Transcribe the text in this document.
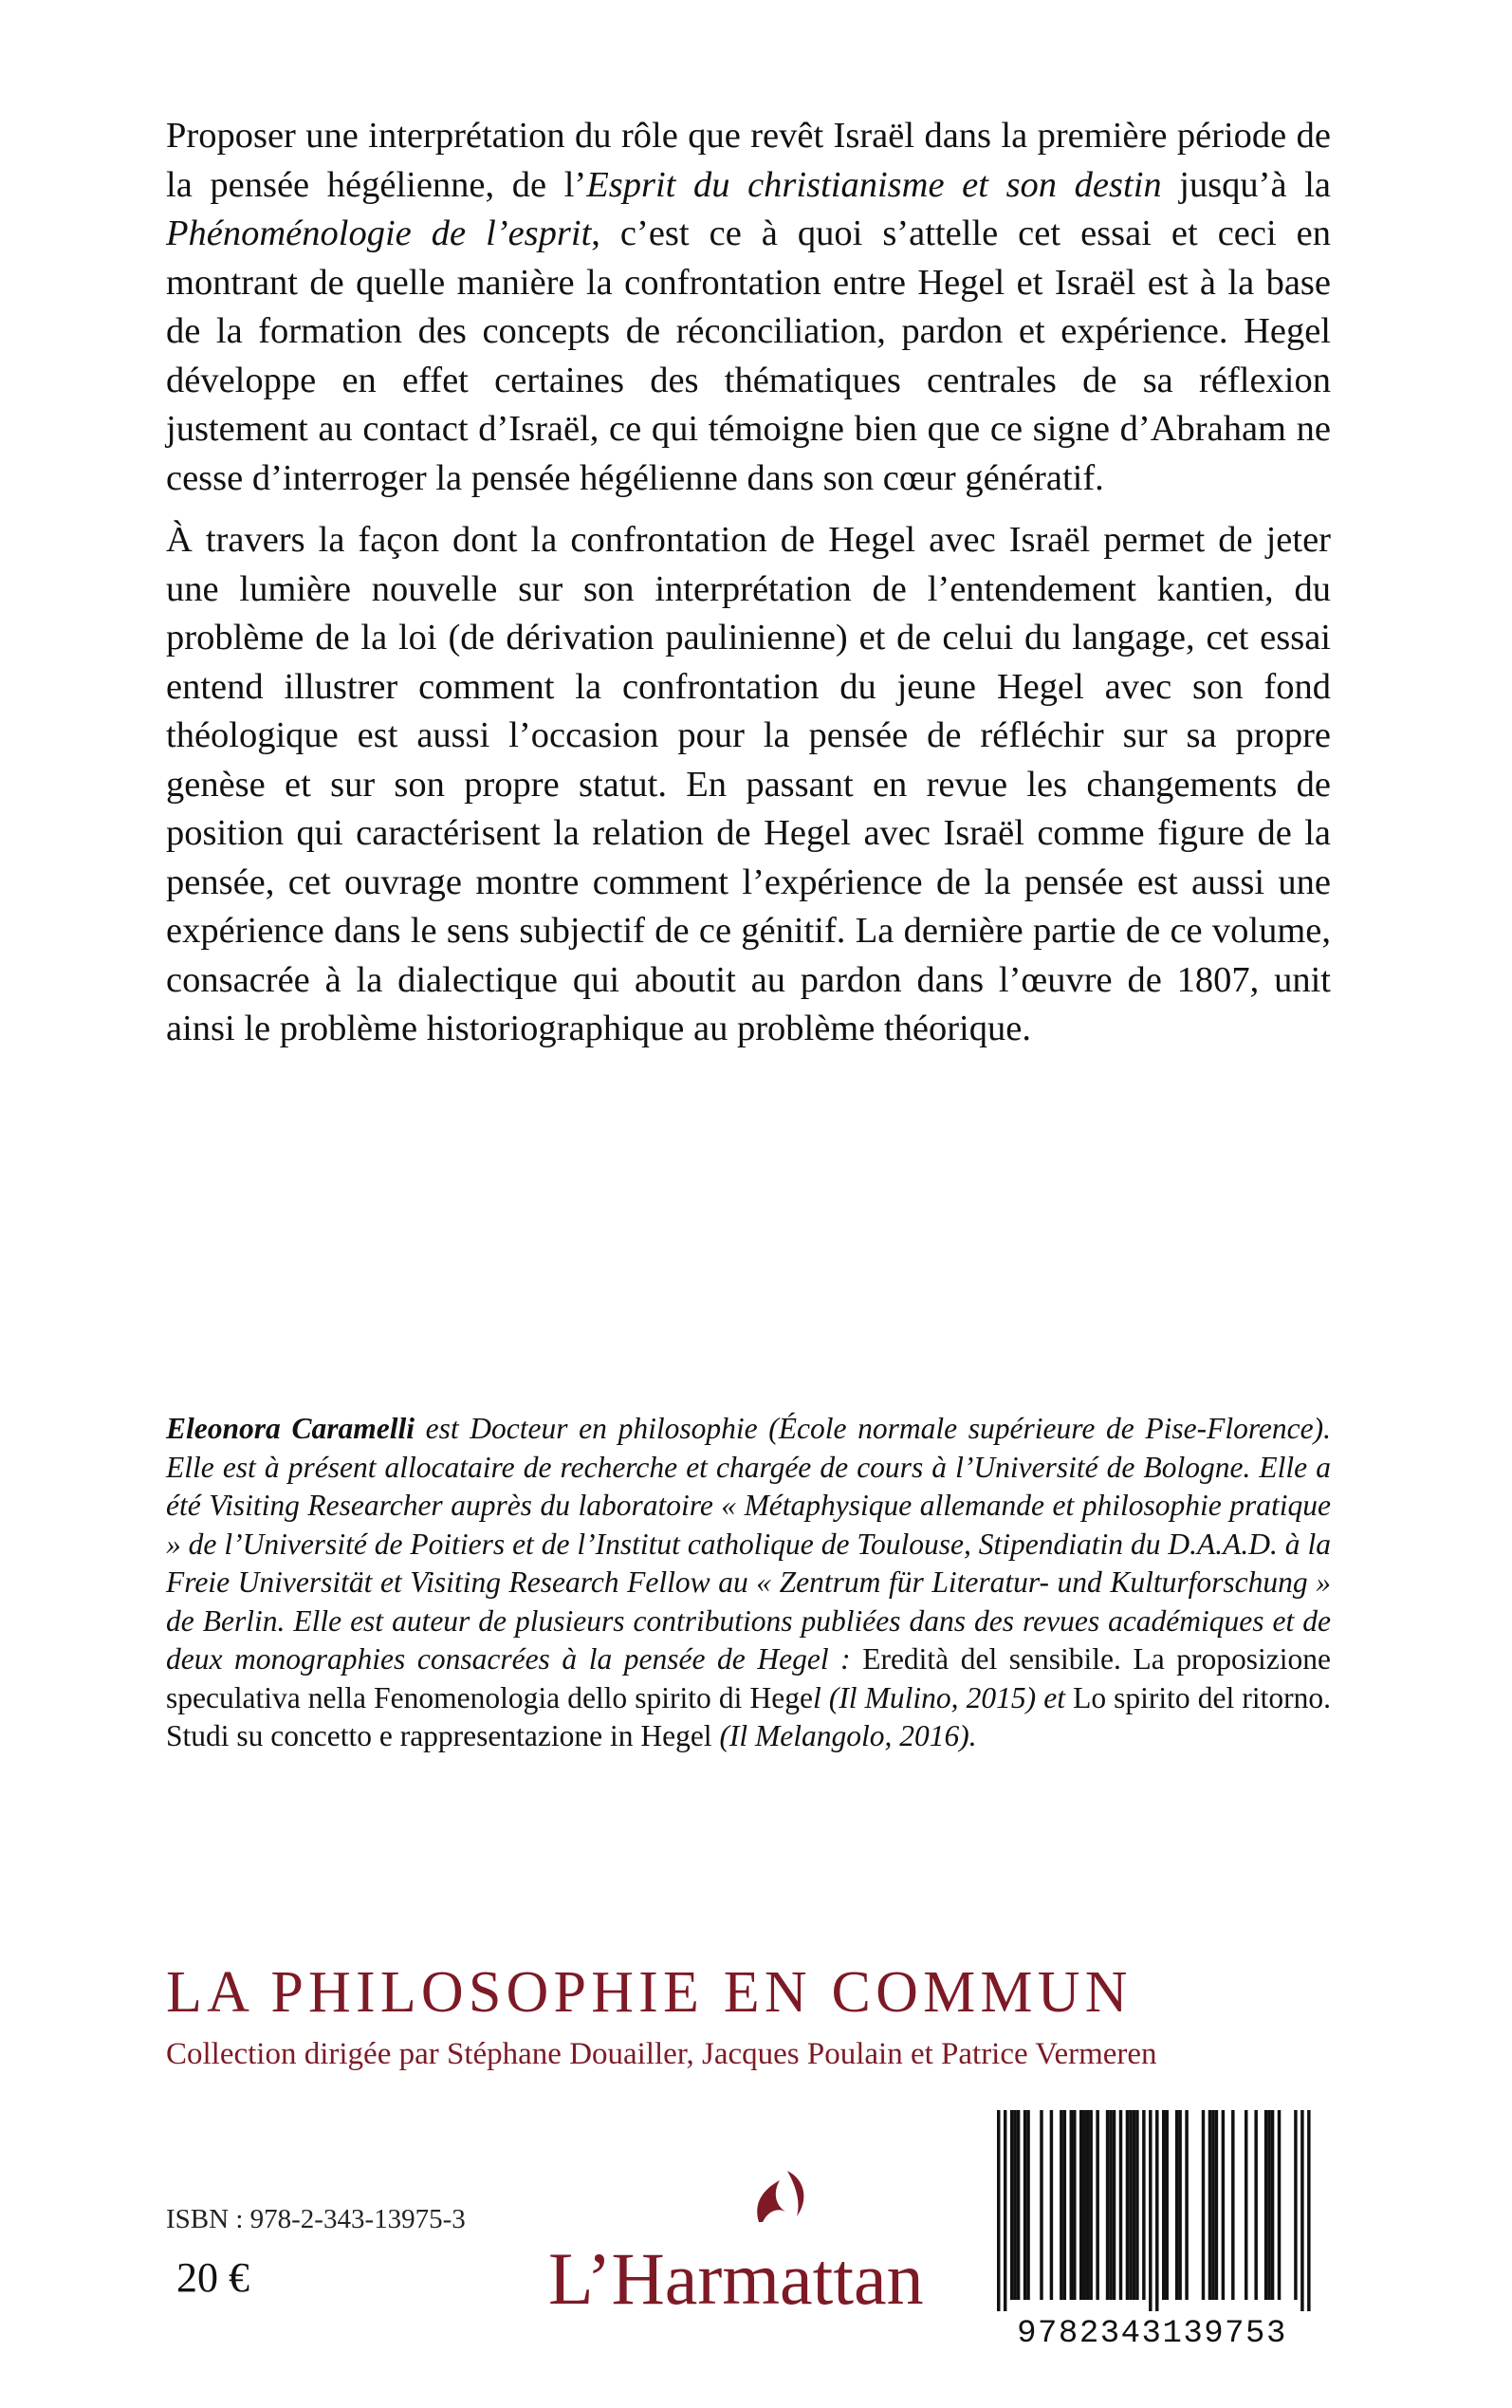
Proposer une interprétation du rôle que revêt Israël dans la première période de la pensée hégélienne, de l’Esprit du christianisme et son destin jusqu’à la Phénoménologie de l’esprit, c’est ce à quoi s’attelle cet essai et ceci en montrant de quelle manière la confrontation entre Hegel et Israël est à la base de la formation des concepts de réconciliation, pardon et expérience. Hegel développe en effet certaines des thématiques centrales de sa réflexion justement au contact d’Israël, ce qui témoigne bien que ce signe d’Abraham ne cesse d’interroger la pensée hégélienne dans son cœur génératif.

À travers la façon dont la confrontation de Hegel avec Israël permet de jeter une lumière nouvelle sur son interprétation de l’entendement kantien, du problème de la loi (de dérivation paulinienne) et de celui du langage, cet essai entend illustrer comment la confrontation du jeune Hegel avec son fond théologique est aussi l’occasion pour la pensée de réfléchir sur sa propre genèse et sur son propre statut. En passant en revue les changements de position qui caractérisent la relation de Hegel avec Israël comme figure de la pensée, cet ouvrage montre comment l’expérience de la pensée est aussi une expérience dans le sens subjectif de ce génitif. La dernière partie de ce volume, consacrée à la dialectique qui aboutit au pardon dans l’œuvre de 1807, unit ainsi le problème historiographique au problème théorique.

Eleonora Caramelli est Docteur en philosophie (École normale supérieure de Pise-Florence). Elle est à présent allocataire de recherche et chargée de cours à l’Université de Bologne. Elle a été Visiting Researcher auprès du laboratoire « Métaphysique allemande et philosophie pratique » de l’Université de Poitiers et de l’Institut catholique de Toulouse, Stipendiatin du D.A.A.D. à la Freie Universität et Visiting Research Fellow au « Zentrum für Literatur- und Kulturforschung » de Berlin. Elle est auteur de plusieurs contributions publiées dans des revues académiques et de deux monographies consacrées à la pensée de Hegel : Eredità del sensibile. La proposizione speculativa nella Fenomenologia dello spirito di Hegel (Il Mulino, 2015) et Lo spirito del ritorno. Studi su concetto e rappresentazione in Hegel (Il Melangolo, 2016).

LA PHILOSOPHIE EN COMMUN
Collection dirigée par Stéphane Douailler, Jacques Poulain et Patrice Vermeren
ISBN : 978-2-343-13975-3
20 €	L’Harmattan
9782343139753
